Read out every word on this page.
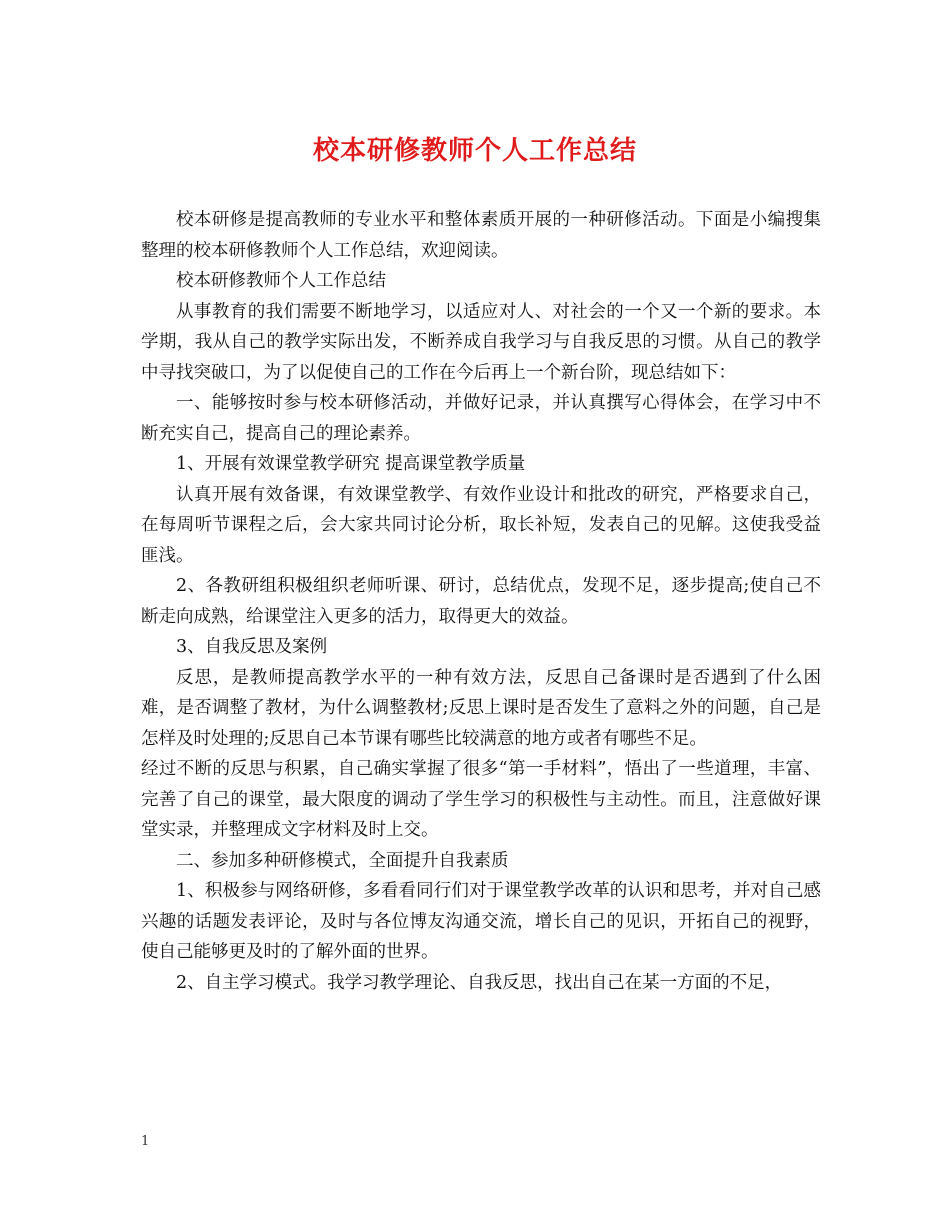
校本研修教师个人工作总结

校本研修是提高教师的专业水平和整体素质开展的一种研修活动。下面是小编搜集整理的校本研修教师个人工作总结，欢迎阅读。

校本研修教师个人工作总结

从事教育的我们需要不断地学习，以适应对人、对社会的一个又一个新的要求。本学期，我从自己的教学实际出发，不断养成自我学习与自我反思的习惯。从自己的教学中寻找突破口，为了以促使自己的工作在今后再上一个新台阶，现总结如下：

一、能够按时参与校本研修活动，并做好记录，并认真撰写心得体会，在学习中不断充实自己，提高自己的理论素养。

1、开展有效课堂教学研究 提高课堂教学质量

认真开展有效备课，有效课堂教学、有效作业设计和批改的研究，严格要求自己，在每周听节课程之后，会大家共同讨论分析，取长补短，发表自己的见解。这使我受益匪浅。

2、各教研组积极组织老师听课、研讨，总结优点，发现不足，逐步提高;使自己不断走向成熟，给课堂注入更多的活力，取得更大的效益。

3、自我反思及案例

反思，是教师提高教学水平的一种有效方法，反思自己备课时是否遇到了什么困难，是否调整了教材，为什么调整教材;反思上课时是否发生了意料之外的问题，自己是怎样及时处理的;反思自己本节课有哪些比较满意的地方或者有哪些不足。

经过不断的反思与积累，自己确实掌握了很多“第一手材料”，悟出了一些道理，丰富、完善了自己的课堂，最大限度的调动了学生学习的积极性与主动性。而且，注意做好课堂实录，并整理成文字材料及时上交。

二、参加多种研修模式，全面提升自我素质

1、积极参与网络研修，多看看同行们对于课堂教学改革的认识和思考，并对自己感兴趣的话题发表评论，及时与各位博友沟通交流，增长自己的见识，开拓自己的视野，使自己能够更及时的了解外面的世界。

2、自主学习模式。我学习教学理论、自我反思，找出自己在某一方面的不足，

1
